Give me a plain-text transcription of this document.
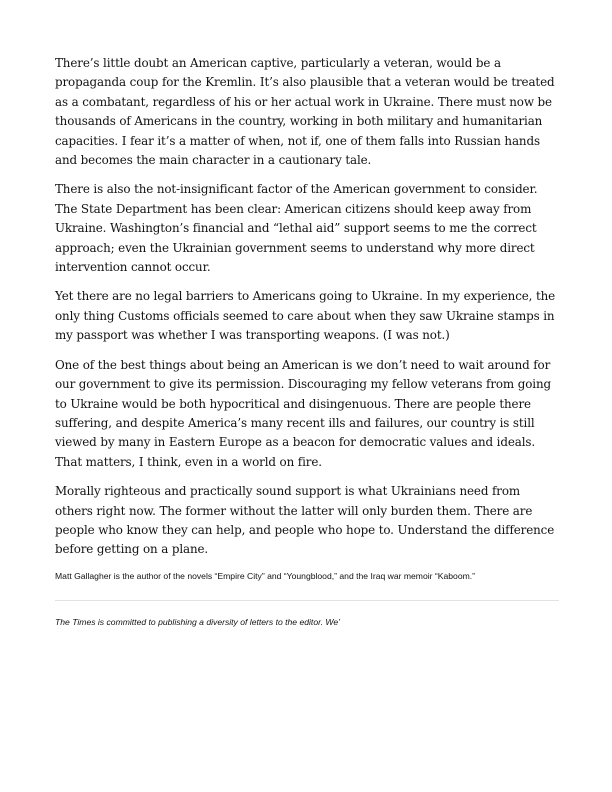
There’s little doubt an American captive, particularly a veteran, would be a propaganda coup for the Kremlin. It’s also plausible that a veteran would be treated as a combatant, regardless of his or her actual work in Ukraine. There must now be thousands of Americans in the country, working in both military and humanitarian capacities. I fear it’s a matter of when, not if, one of them falls into Russian hands and becomes the main character in a cautionary tale.

There is also the not-insignificant factor of the American government to consider. The State Department has been clear: American citizens should keep away from Ukraine. Washington’s financial and “lethal aid” support seems to me the correct approach; even the Ukrainian government seems to understand why more direct intervention cannot occur.

Yet there are no legal barriers to Americans going to Ukraine. In my experience, the only thing Customs officials seemed to care about when they saw Ukraine stamps in my passport was whether I was transporting weapons. (I was not.)

One of the best things about being an American is we don’t need to wait around for our government to give its permission. Discouraging my fellow veterans from going to Ukraine would be both hypocritical and disingenuous. There are people there suffering, and despite America’s many recent ills and failures, our country is still viewed by many in Eastern Europe as a beacon for democratic values and ideals. That matters, I think, even in a world on fire.

Morally righteous and practically sound support is what Ukrainians need from others right now. The former without the latter will only burden them. There are people who know they can help, and people who hope to. Understand the difference before getting on a plane.

Matt Gallagher is the author of the novels “Empire City” and “Youngblood,” and the Iraq war memoir “Kaboom.”

The Times is committed to publishing a diversity of letters to the editor. We’
